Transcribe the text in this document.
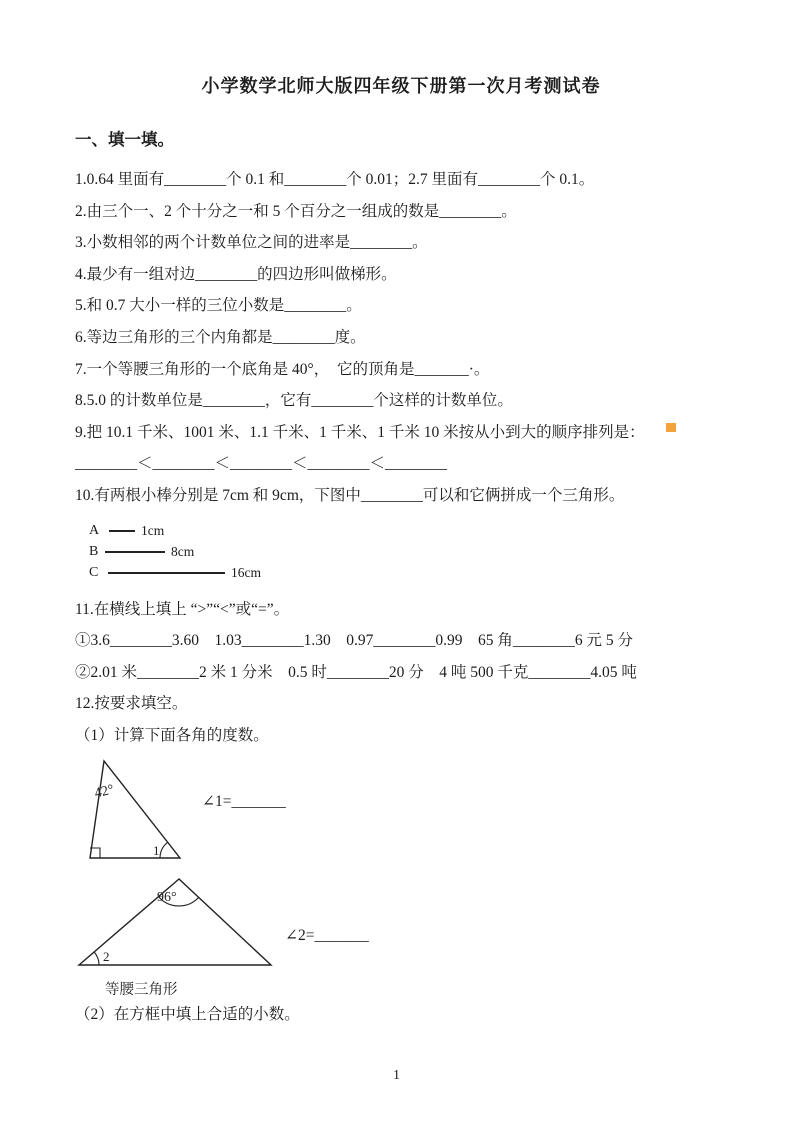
小学数学北师大版四年级下册第一次月考测试卷
一、填一填。
1.0.64 里面有________个 0.1 和________个 0.01；2.7 里面有________个 0.1。
2.由三个一、2 个十分之一和 5 个百分之一组成的数是________。
3.小数相邻的两个计数单位之间的进率是________。
4.最少有一组对边________的四边形叫做梯形。
5.和 0.7 大小一样的三位小数是________。
6.等边三角形的三个内角都是________度。
7.一个等腰三角形的一个底角是 40°，  它的顶角是_______·。
8.5.0 的计数单位是________，它有________个这样的计数单位。
9.把 10.1 千米、1001 米、1.1 千米、1 千米、1 千米 10 米按从小到大的顺序排列是：
________＜________＜________＜________＜________
10.有两根小棒分别是 7cm 和 9cm，下图中________可以和它俩拼成一个三角形。
A	1cm
B	8cm
C	16cm
11.在横线上填上 “>”“<”或“=”。
①3.6________3.60    1.03________1.30    0.97________0.99    65 角________6 元 5 分
②2.01 米________2 米 1 分米    0.5 时________20 分    4 吨 500 千克________4.05 吨
12.按要求填空。
（1）计算下面各角的度数。
42°
1
∠1=_______
96°
2
等腰三角形
∠2=_______
（2）在方框中填上合适的小数。
1
